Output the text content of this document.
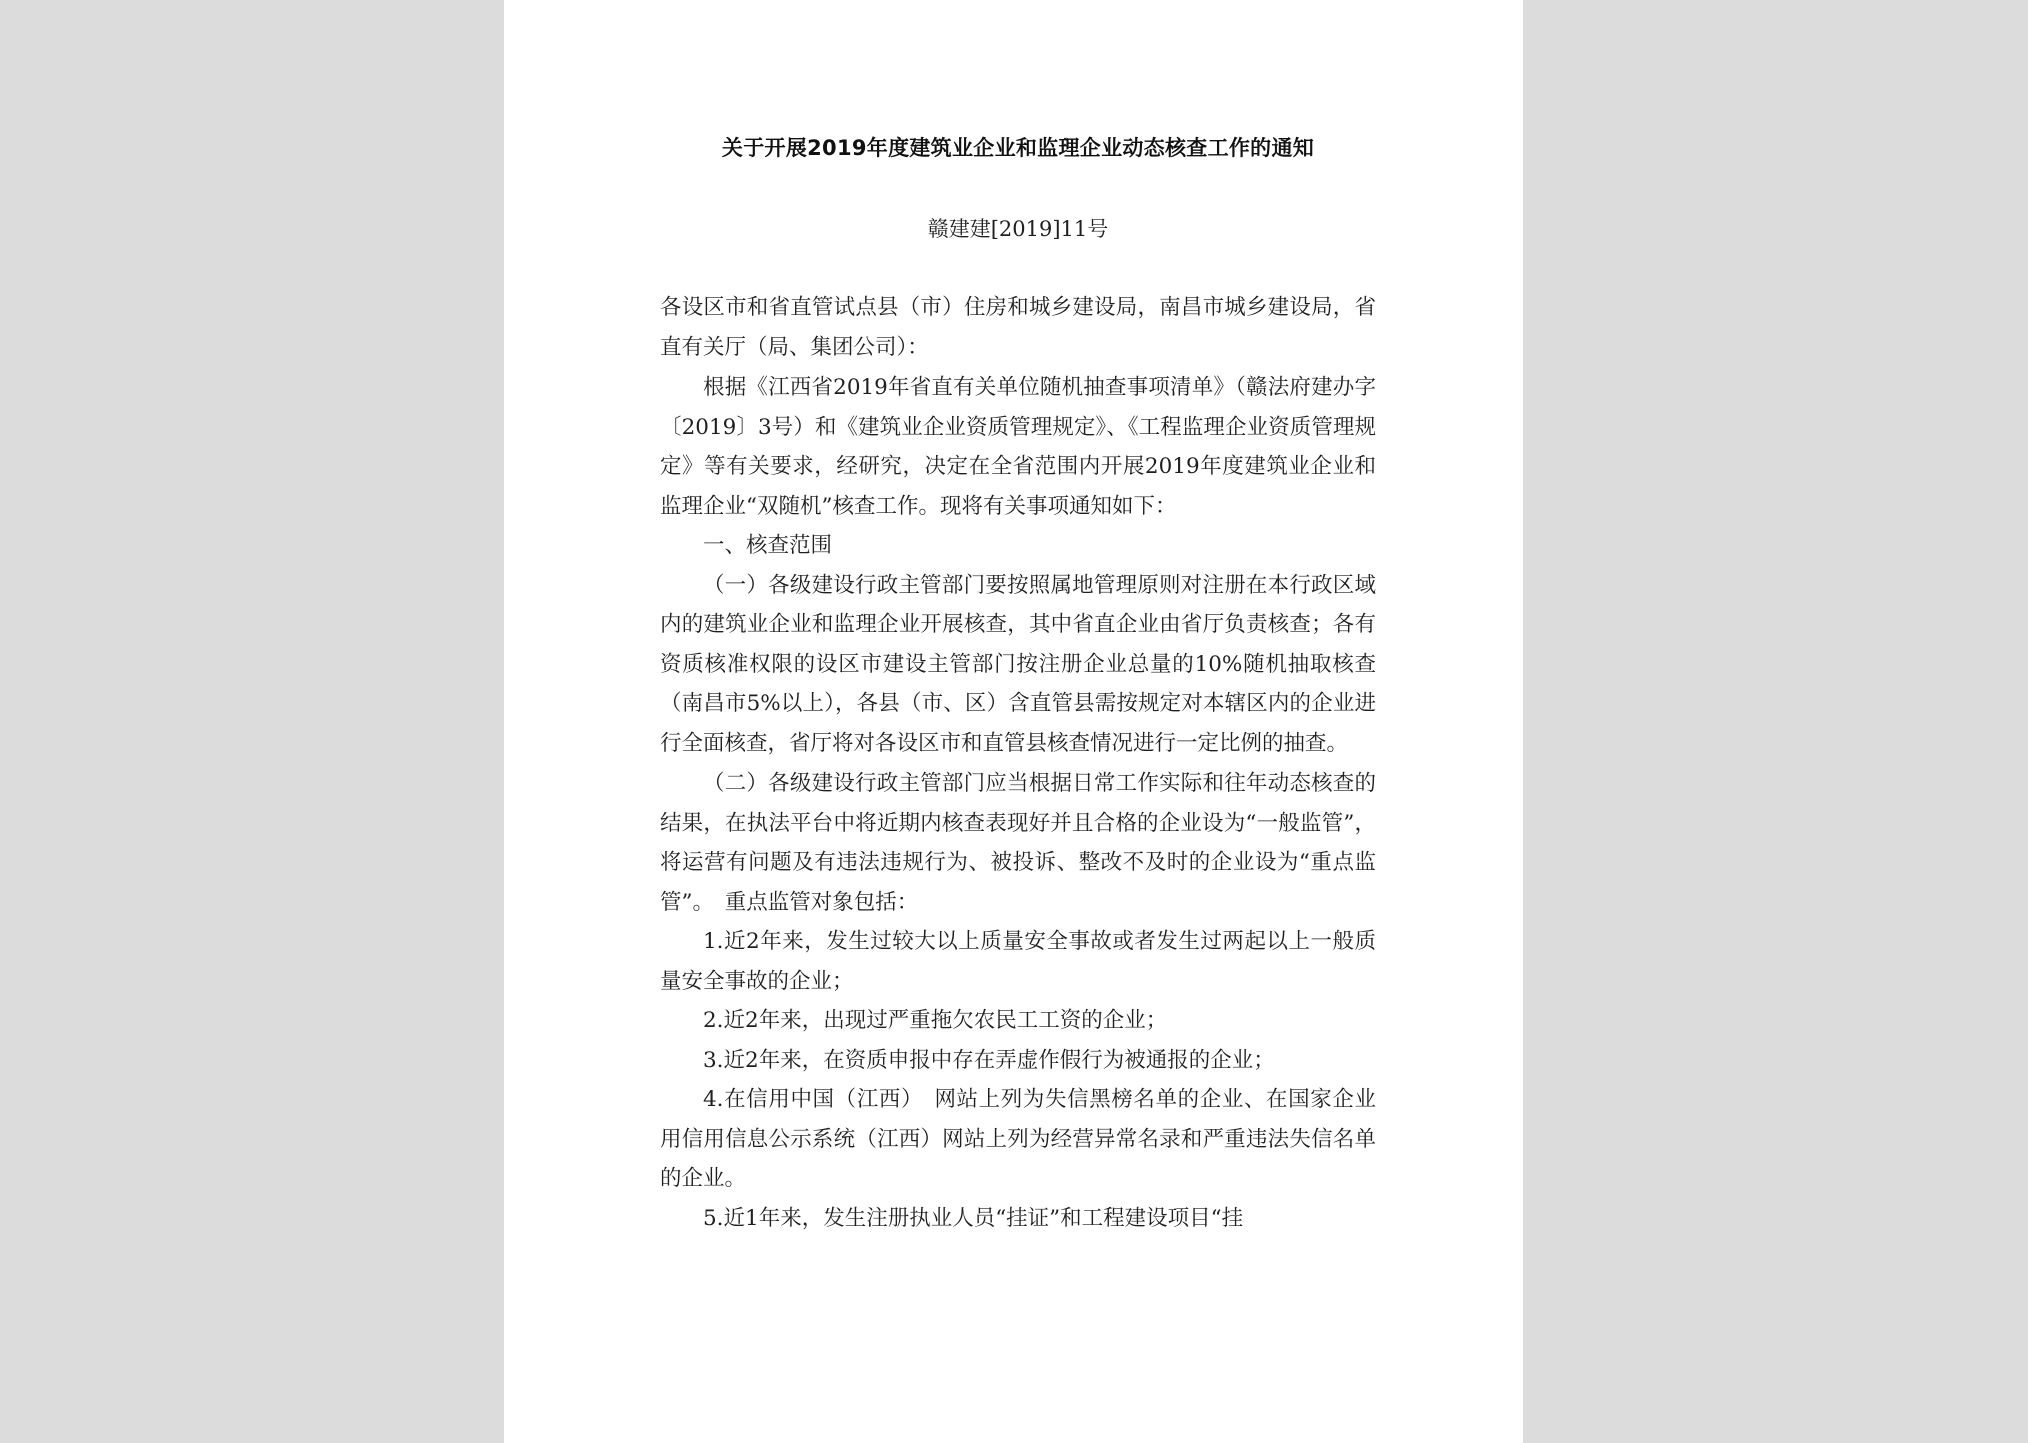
关于开展2019年度建筑业企业和监理企业动态核查工作的通知
赣建建[2019]11号

各设区市和省直管试点县（市）住房和城乡建设局，南昌市城乡建设局，省直有关厅（局、集团公司）：

根据《江西省2019年省直有关单位随机抽查事项清单》（赣法府建办字〔2019〕3号）和《建筑业企业资质管理规定》、《工程监理企业资质管理规定》等有关要求，经研究，决定在全省范围内开展2019年度建筑业企业和监理企业“双随机”核查工作。现将有关事项通知如下：

一、核查范围

（一）各级建设行政主管部门要按照属地管理原则对注册在本行政区域内的建筑业企业和监理企业开展核查，其中省直企业由省厅负责核查；各有资质核准权限的设区市建设主管部门按注册企业总量的10%随机抽取核查（南昌市5%以上），各县（市、区）含直管县需按规定对本辖区内的企业进行全面核查，省厅将对各设区市和直管县核查情况进行一定比例的抽查。

（二）各级建设行政主管部门应当根据日常工作实际和往年动态核查的结果，在执法平台中将近期内核查表现好并且合格的企业设为“一般监管”，将运营有问题及有违法违规行为、被投诉、整改不及时的企业设为“重点监管”。　重点监管对象包括：

1.近2年来，发生过较大以上质量安全事故或者发生过两起以上一般质量安全事故的企业；

2.近2年来，出现过严重拖欠农民工工资的企业；

3.近2年来，在资质申报中存在弄虚作假行为被通报的企业；

4.在信用中国（江西）　网站上列为失信黑榜名单的企业、在国家企业用信用信息公示系统（江西）网站上列为经营异常名录和严重违法失信名单的企业。

5.近1年来，发生注册执业人员“挂证”和工程建设项目“挂
